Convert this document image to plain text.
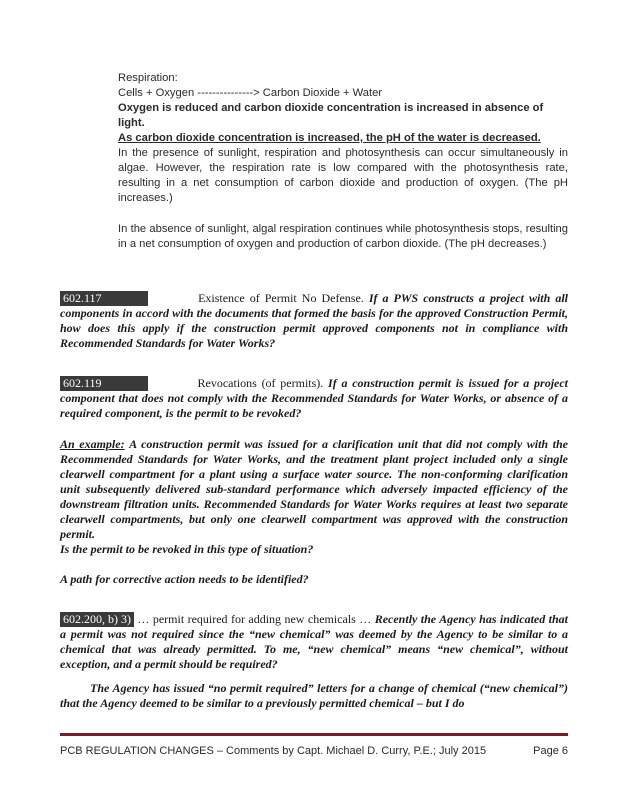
Respiration:
Cells + Oxygen ---------------> Carbon Dioxide + Water
Oxygen is reduced and carbon dioxide concentration is increased in absence of light.
As carbon dioxide concentration is increased, the pH of the water is decreased.
In the presence of sunlight, respiration and photosynthesis can occur simultaneously in algae. However, the respiration rate is low compared with the photosynthesis rate, resulting in a net consumption of carbon dioxide and production of oxygen. (The pH increases.)
In the absence of sunlight, algal respiration continues while photosynthesis stops, resulting in a net consumption of oxygen and production of carbon dioxide. (The pH decreases.)
602.117	Existence of Permit No Defense. If a PWS constructs a project with all components in accord with the documents that formed the basis for the approved Construction Permit, how does this apply if the construction permit approved components not in compliance with Recommended Standards for Water Works?
602.119	Revocations (of permits). If a construction permit is issued for a project component that does not comply with the Recommended Standards for Water Works, or absence of a required component, is the permit to be revoked?
An example: A construction permit was issued for a clarification unit that did not comply with the Recommended Standards for Water Works, and the treatment plant project included only a single clearwell compartment for a plant using a surface water source. The non-conforming clarification unit subsequently delivered sub-standard performance which adversely impacted efficiency of the downstream filtration units. Recommended Standards for Water Works requires at least two separate clearwell compartments, but only one clearwell compartment was approved with the construction permit.
Is the permit to be revoked in this type of situation?
A path for corrective action needs to be identified?
602.200, b) 3) … permit required for adding new chemicals … Recently the Agency has indicated that a permit was not required since the “new chemical” was deemed by the Agency to be similar to a chemical that was already permitted. To me, “new chemical” means “new chemical”, without exception, and a permit should be required?
The Agency has issued “no permit required” letters for a change of chemical (“new chemical”) that the Agency deemed to be similar to a previously permitted chemical – but I do
PCB REGULATION CHANGES – Comments by Capt. Michael D. Curry, P.E.; July 2015	Page 6
